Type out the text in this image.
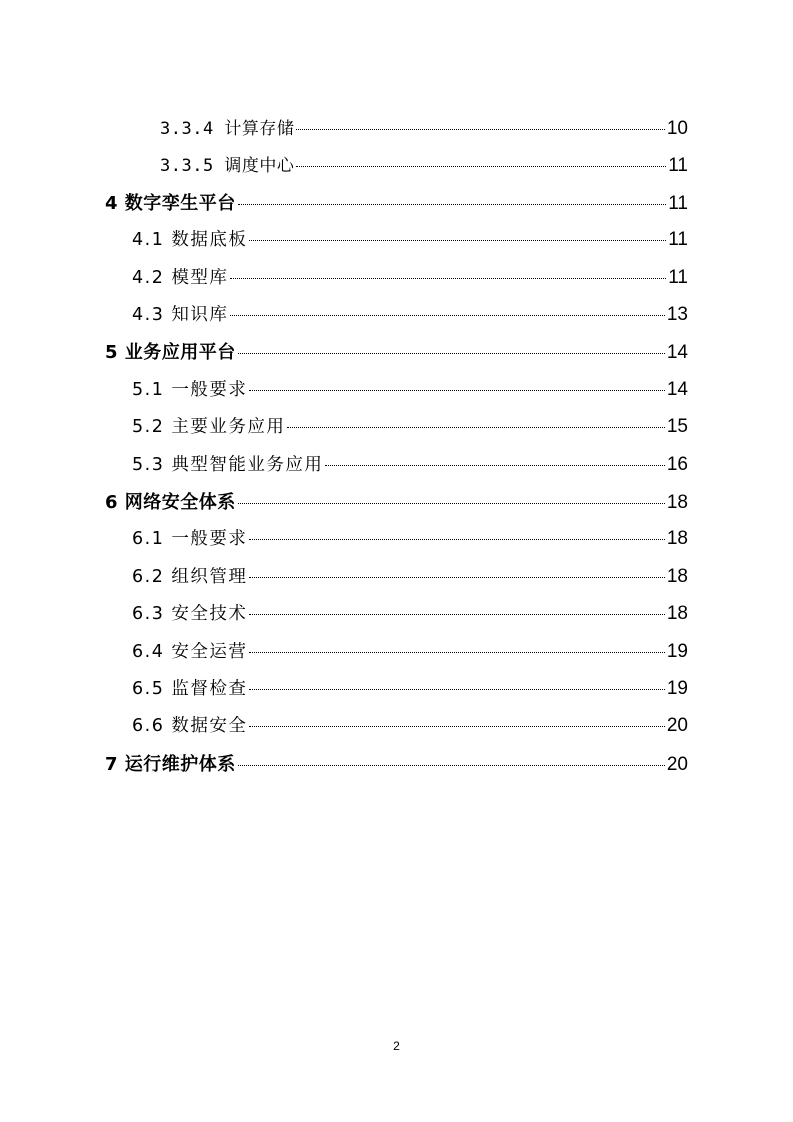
3.3.4 计算存储	10
3.3.5 调度中心	11
4 数字孪生平台	11
4.1 数据底板	11
4.2 模型库	11
4.3 知识库	13
5 业务应用平台	14
5.1 一般要求	14
5.2 主要业务应用	15
5.3 典型智能业务应用	16
6 网络安全体系	18
6.1 一般要求	18
6.2 组织管理	18
6.3 安全技术	18
6.4 安全运营	19
6.5 监督检查	19
6.6 数据安全	20
7 运行维护体系	20
2
